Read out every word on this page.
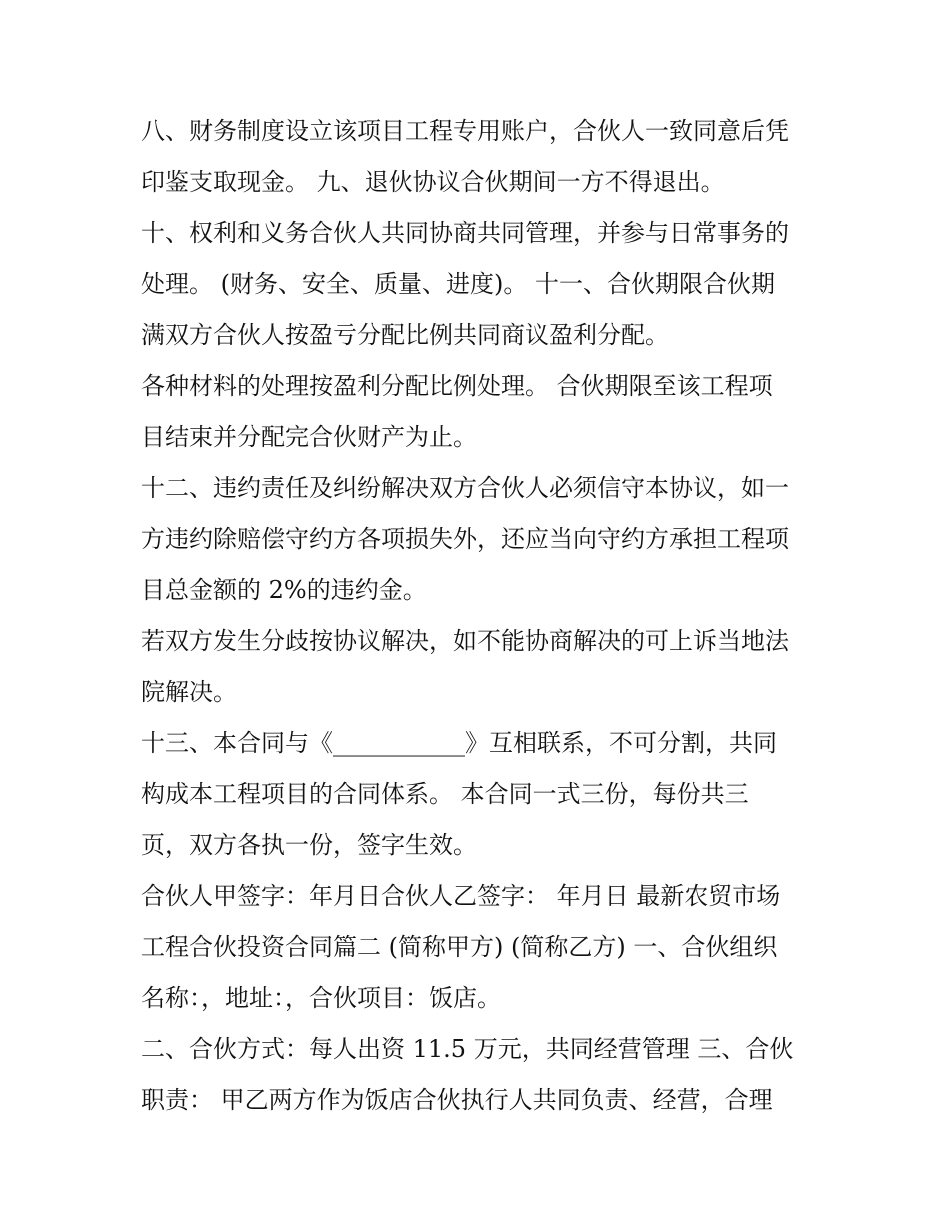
八、财务制度设立该项目工程专用账户，合伙人一致同意后凭
印鉴支取现金。 九、退伙协议合伙期间一方不得退出。
十、权利和义务合伙人共同协商共同管理，并参与日常事务的
处理。 (财务、安全、质量、进度)。 十一、合伙期限合伙期
满双方合伙人按盈亏分配比例共同商议盈利分配。
各种材料的处理按盈利分配比例处理。 合伙期限至该工程项
目结束并分配完合伙财产为止。
十二、违约责任及纠纷解决双方合伙人必须信守本协议，如一
方违约除赔偿守约方各项损失外，还应当向守约方承担工程项
目总金额的 2%的违约金。
若双方发生分歧按协议解决，如不能协商解决的可上诉当地法
院解决。
十三、本合同与《___________》互相联系，不可分割，共同
构成本工程项目的合同体系。 本合同一式三份，每份共三
页，双方各执一份，签字生效。
合伙人甲签字：年月日合伙人乙签字： 年月日 最新农贸市场
工程合伙投资合同篇二 (简称甲方) (简称乙方) 一、合伙组织
名称：，地址：，合伙项目：饭店。
二、合伙方式：每人出资 11.5 万元，共同经营管理 三、合伙
职责： 甲乙两方作为饭店合伙执行人共同负责、经营，合理
